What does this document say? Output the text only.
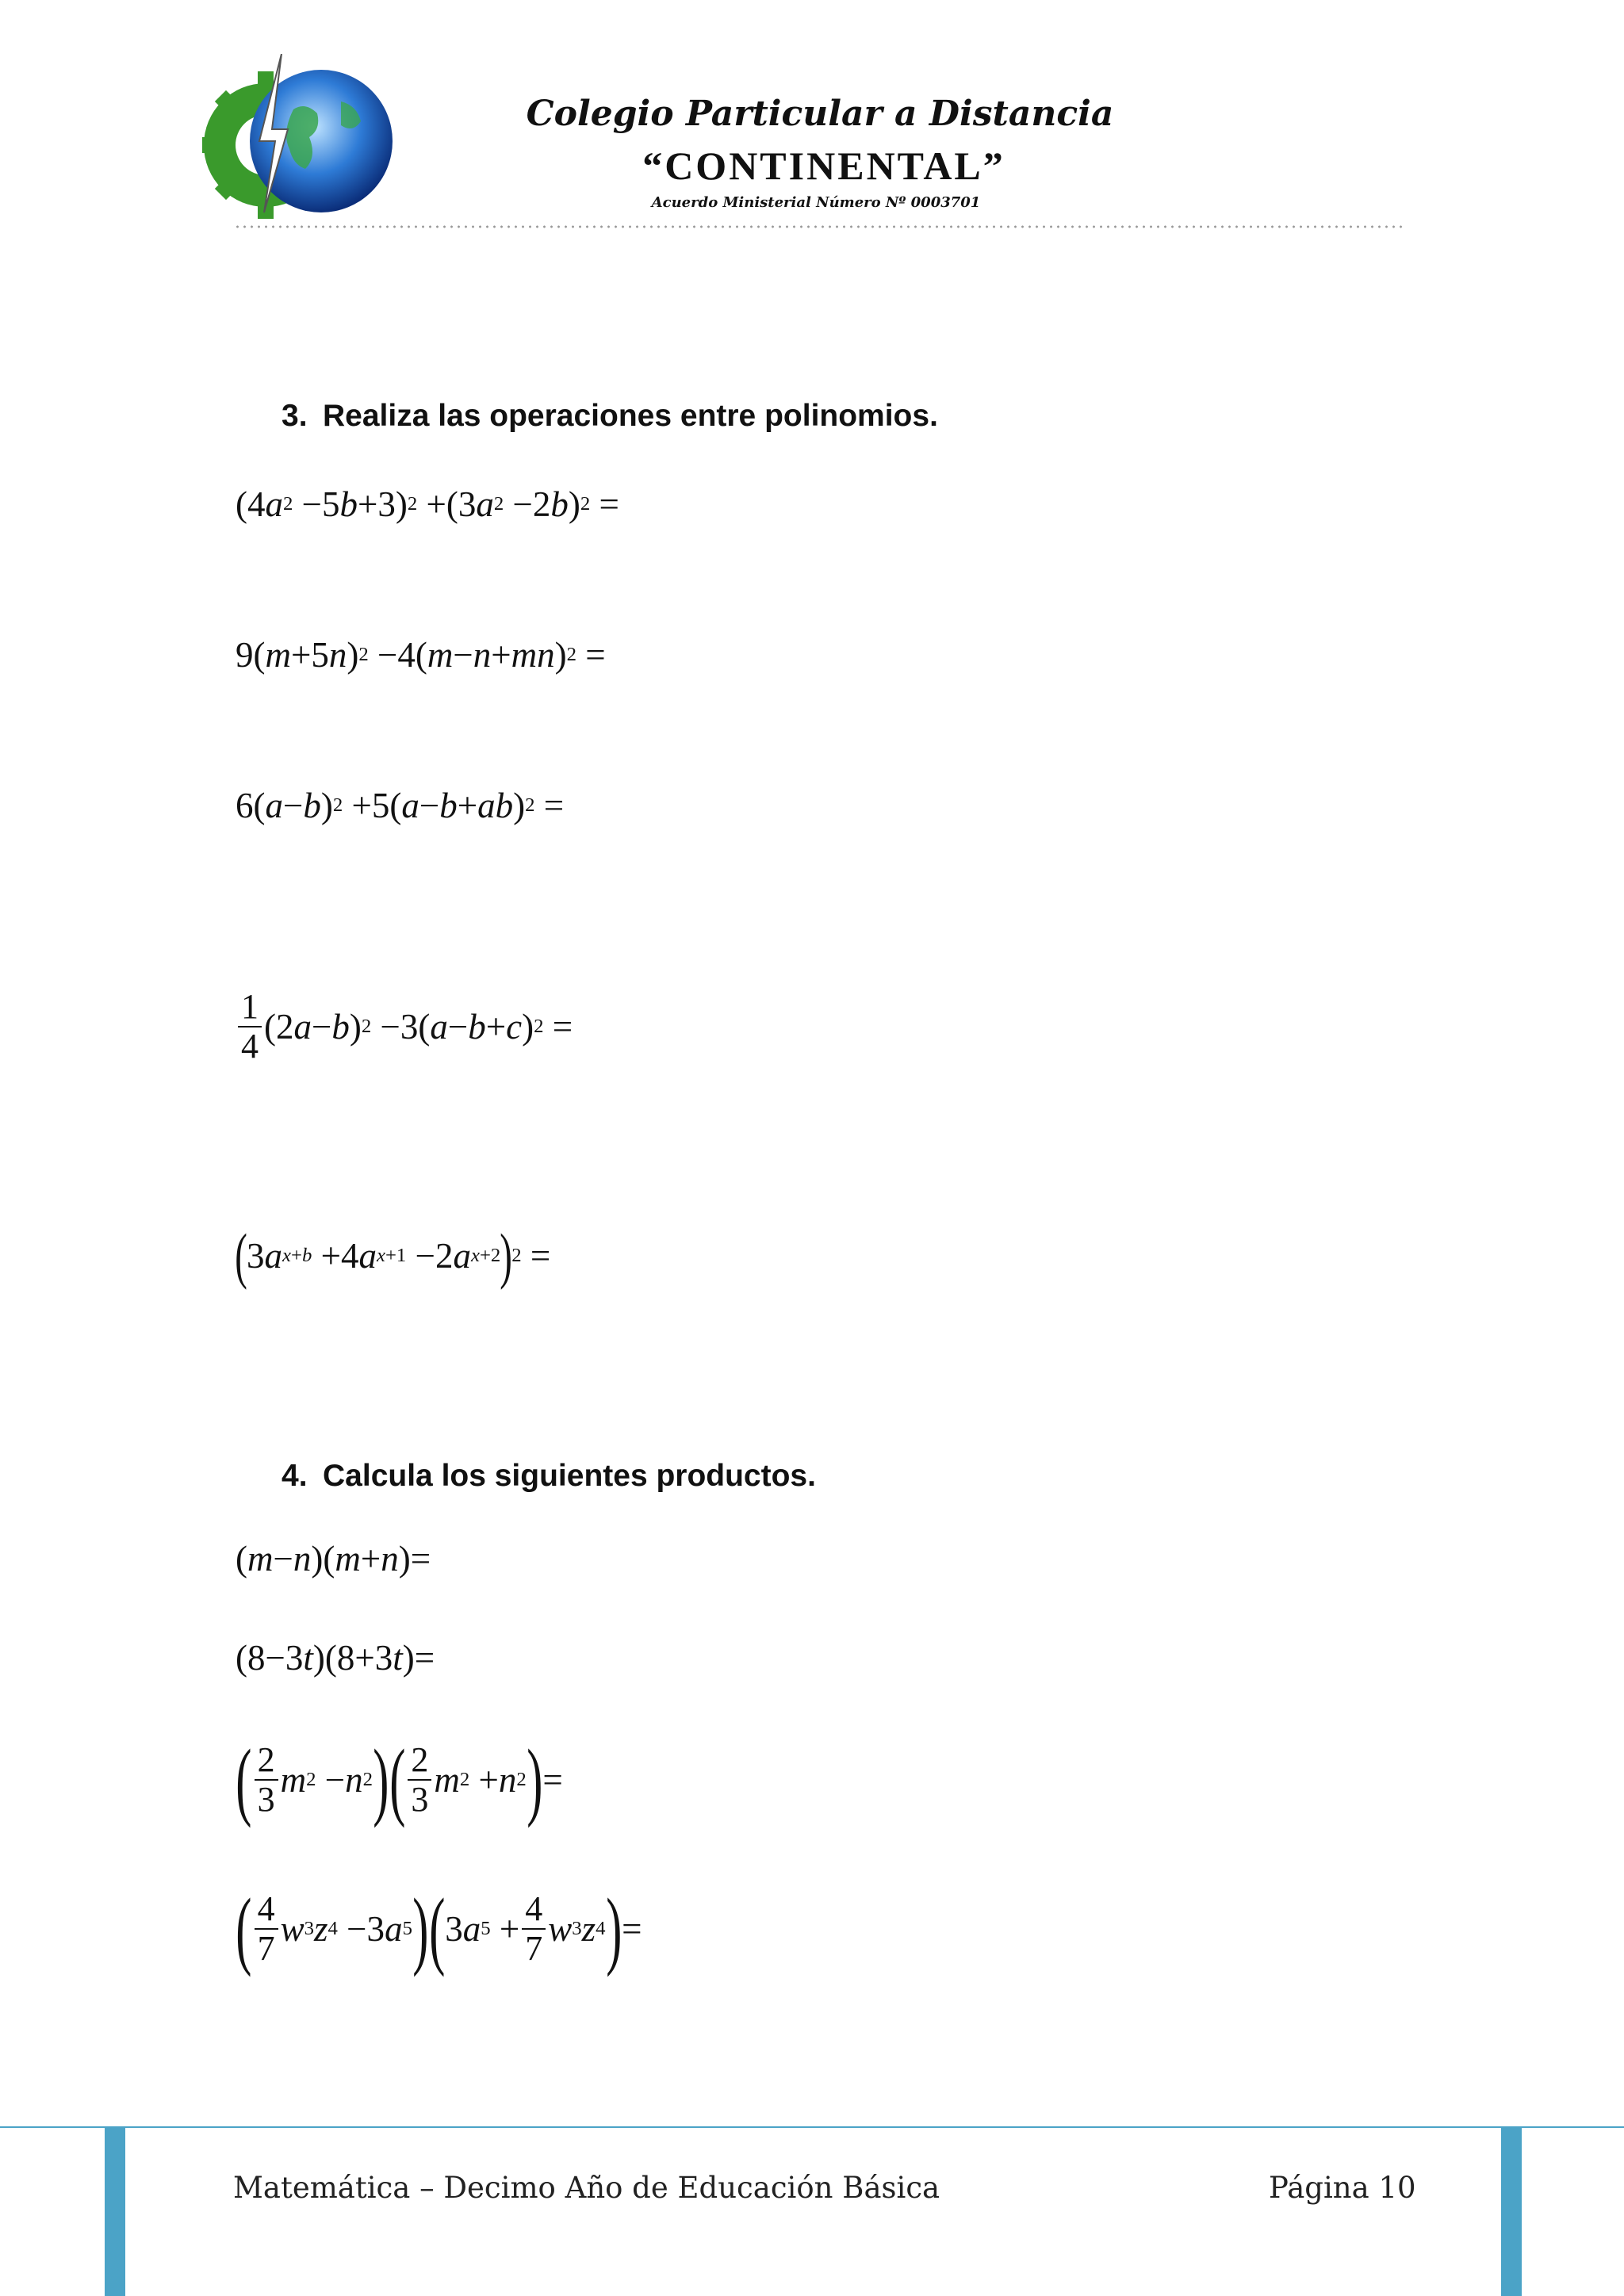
Colegio Particular a Distancia
“CONTINENTAL”
Acuerdo Ministerial Número Nº 0003701
3. Realiza las operaciones entre polinomios.
(4 a 2 −5 b +3) 2 +(3 a 2 −2 b ) 2 =
9( m +5 n ) 2 −4( m − n + mn ) 2 =
6( a − b ) 2 +5( a − b + ab ) 2 =
$\frac{1}{4} (2$ a − b ) 2 −3( a − b + c ) 2 =
( 3 a x+b +4 a x+1 −2 a x+2 ) 2 =
4. Calcula los siguientes productos.
( m − n )( m + n )=
(8−3 t )(8+3 t )=
( $\frac{2}{3}$ m 2 − n 2 ) ( $\frac{2}{3}$ m 2 + n 2 ) =
( $\frac{4}{7}$ w 3 z 4 −3 a 5 ) ( 3 a $5 + \frac{4}{7}$ w 3 z 4 ) =
Matemática – Decimo Año de Educación Básica	Página 10
